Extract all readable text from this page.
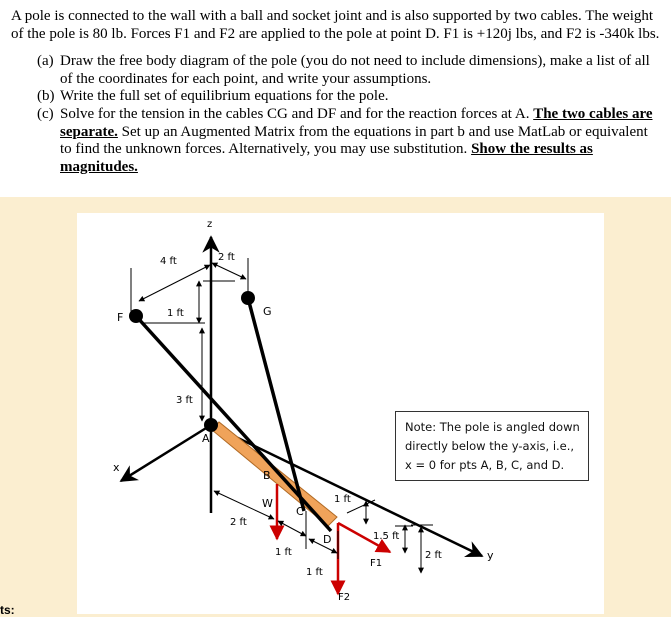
A pole is connected to the wall with a ball and socket joint and is also supported by two cables. The weight of the pole is 80 lb. Forces F1 and F2 are applied to the pole at point D. F1 is +120j lbs, and F2 is -340k lbs.

(a) Draw the free body diagram of the pole (you do not need to include dimensions), make a list of all of the coordinates for each point, and write your assumptions.
(b) Write the full set of equilibrium equations for the pole.
(c) Solve for the tension in the cables CG and DF and for the reaction forces at A. The two cables are separate. Set up an Augmented Matrix from the equations in part b and use MatLab or equivalent to find the unknown forces. Alternatively, you may use substitution. Show the results as magnitudes.
z
x
y
F	G
A
B
C
D
W
F1
F2
4 ft	2 ft
1 ft
3 ft
2 ft
1 ft
1 ft
1 ft
1.5 ft
2 ft
Note: The pole is angled down directly below the y-axis, i.e., x = 0 for pts A, B, C, and D.
ts:
